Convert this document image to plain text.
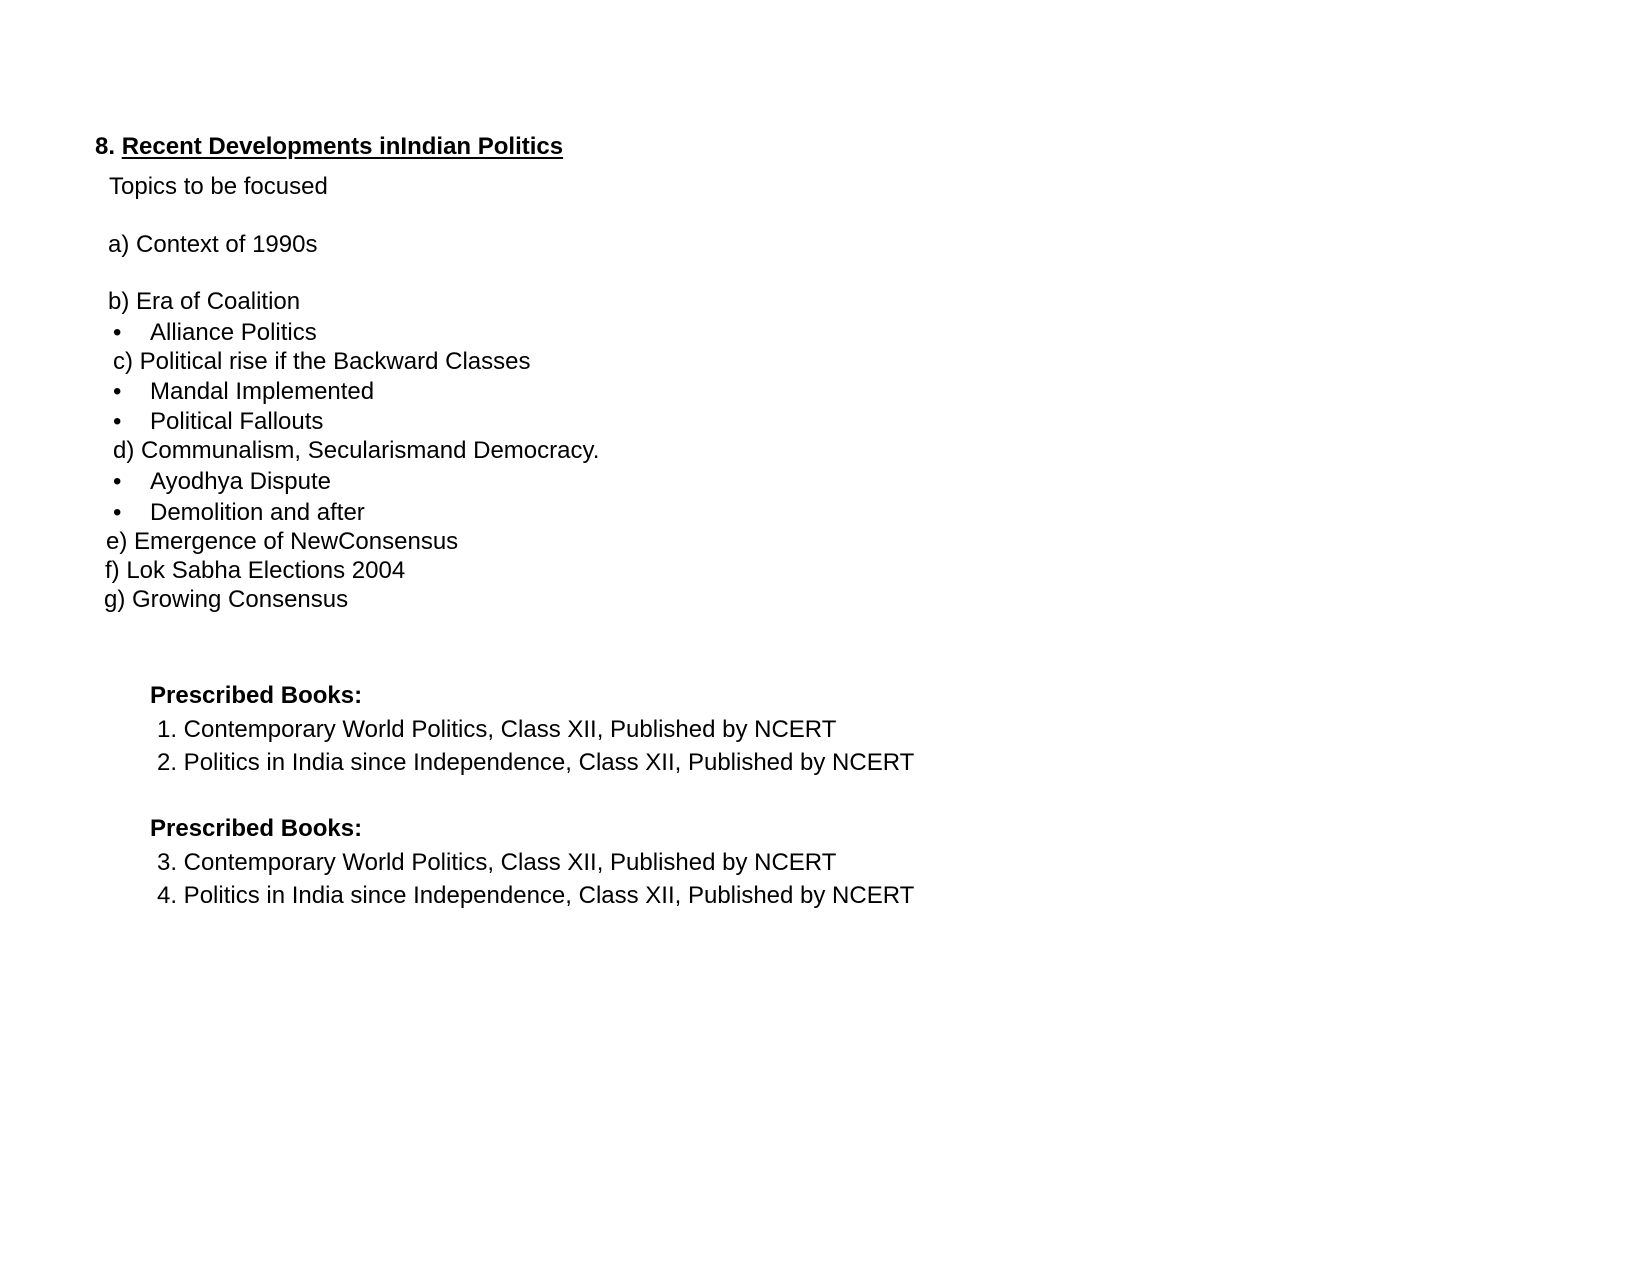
8. Recent Developments inIndian Politics
Topics to be focused
a) Context of 1990s
b) Era of Coalition
• Alliance Politics
c) Political rise if the Backward Classes
• Mandal Implemented
• Political Fallouts
d) Communalism, Secularismand Democracy.
• Ayodhya Dispute
• Demolition and after
e) Emergence of NewConsensus
f) Lok Sabha Elections 2004
g) Growing Consensus
Prescribed Books:
1. Contemporary World Politics, Class XII, Published by NCERT
2. Politics in India since Independence, Class XII, Published by NCERT
Prescribed Books:
3. Contemporary World Politics, Class XII, Published by NCERT
4. Politics in India since Independence, Class XII, Published by NCERT
